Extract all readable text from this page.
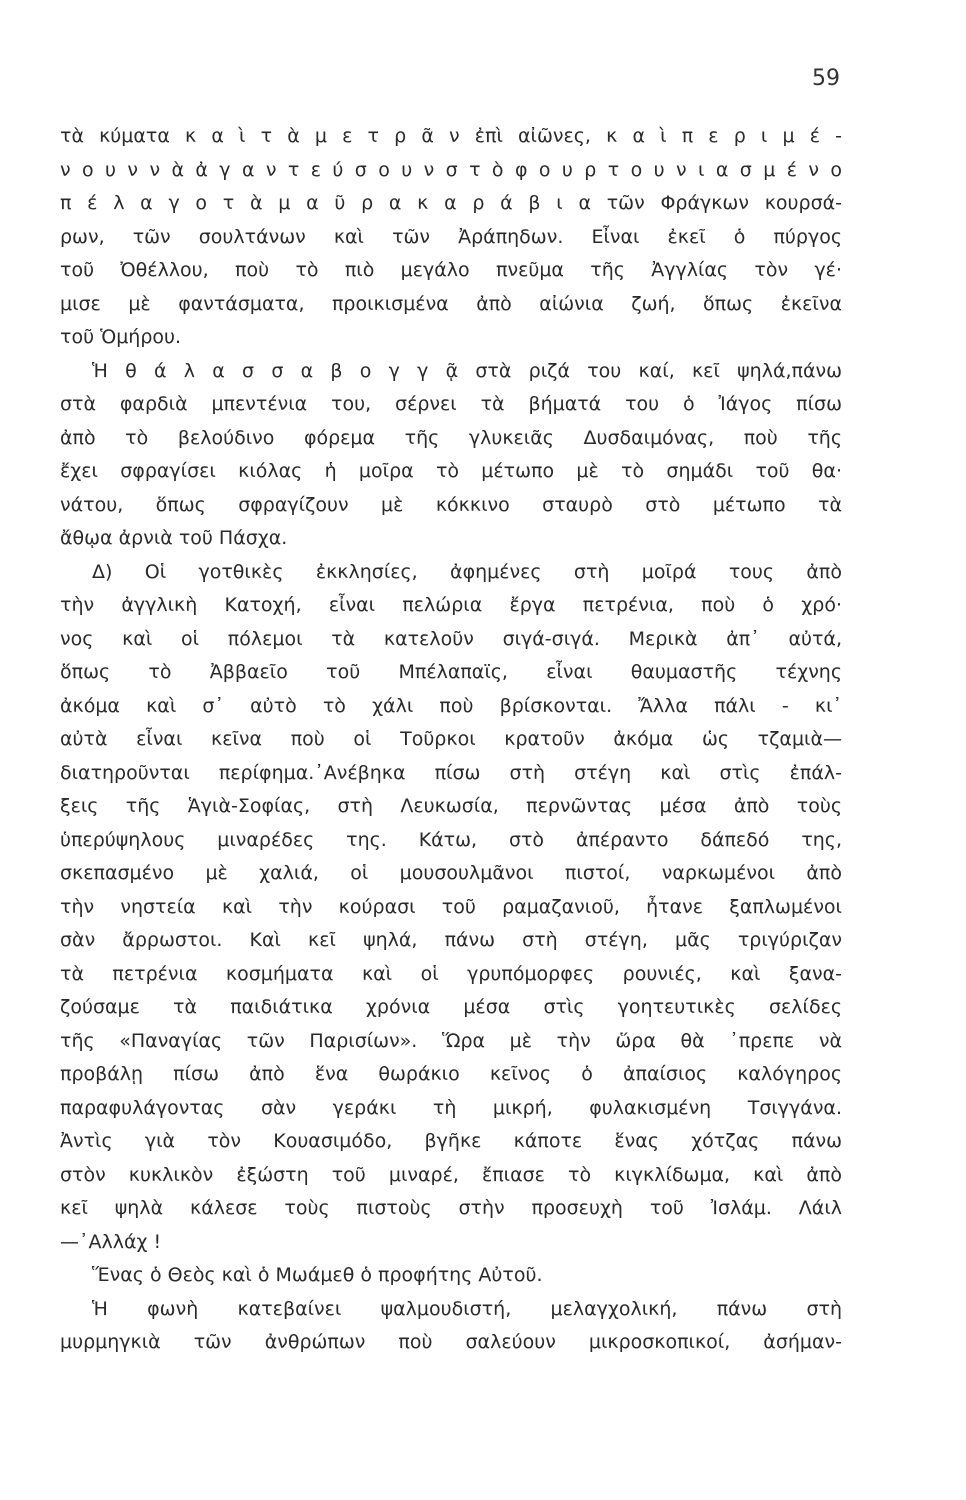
59
τὰ κύματα κ α ὶ τ ὰ μ ε τ ρ ᾶ ν ἐπὶ αἰῶνες, κ α ὶ π ε ρ ι μ έ -
ν ο υ ν ν ὰ ἀ γ α ν τ ε ύ σ ο υ ν σ τ ὸ φ ο υ ρ τ ο υ ν ι α σ μ έ ν ο
π έ λ α γ ο τ ὰ μ α ῦ ρ α κ α ρ ά β ι α τῶν Φράγκων κουρσά-
ρων, τῶν σουλτάνων καὶ τῶν Ἀράπηδων. Εἶναι ἐκεῖ ὁ πύργος
τοῦ Ὀθέλλου, ποὺ τὸ πιὸ μεγάλο πνεῦμα τῆς Ἀγγλίας τὸν γέ·
μισε μὲ φαντάσματα, προικισμένα ἀπὸ αἰώνια ζωή, ὅπως ἐκεῖνα
τοῦ Ὁμήρου.
Ἡ θ ά λ α σ σ α β ο γ γ ᾷ στὰ ριζά του καί, κεῖ ψηλά,πάνω
στὰ φαρδιὰ μπεντένια του, σέρνει τὰ βήματά του ὁ Ἰάγος πίσω
ἀπὸ τὸ βελούδινο φόρεμα τῆς γλυκειᾶς Δυσδαιμόνας, ποὺ τῆς
ἔχει σφραγίσει κιόλας ἡ μοῖρα τὸ μέτωπο μὲ τὸ σημάδι τοῦ θα·
νάτου, ὅπως σφραγίζουν μὲ κόκκινο σταυρὸ στὸ μέτωπο τὰ
ἄθῳα ἀρνιὰ τοῦ Πάσχα.
Δ) Οἱ γοτθικὲς ἐκκλησίες, ἀφημένες στὴ μοῖρά τους ἀπὸ
τὴν ἀγγλικὴ Κατοχή, εἶναι πελώρια ἔργα πετρένια, ποὺ ὁ χρό·
νος καὶ οἱ πόλεμοι τὰ κατελοῦν σιγά-σιγά. Μερικὰ ἀπ᾿ αὐτά,
ὅπως τὸ Ἀββαεῖο τοῦ Μπέλαπαϊς, εἶναι θαυμαστῆς τέχνης
ἀκόμα καὶ σ᾿ αὐτὸ τὸ χάλι ποὺ βρίσκονται. Ἄλλα πάλι - κι᾿
αὐτὰ εἶναι κεῖνα ποὺ οἱ Τοῦρκοι κρατοῦν ἀκόμα ὡς τζαμιὰ—
διατηροῦνται περίφημα.᾿Ανέβηκα πίσω στὴ στέγη καὶ στὶς ἐπάλ-
ξεις τῆς Ἁγιὰ-Σοφίας, στὴ Λευκωσία, περνῶντας μέσα ἀπὸ τοὺς
ὑπερύψηλους μιναρέδες της. Κάτω, στὸ ἀπέραντο δάπεδό της,
σκεπασμένο μὲ χαλιά, οἱ μουσουλμᾶνοι πιστοί, ναρκωμένοι ἀπὸ
τὴν νηστεία καὶ τὴν κούρασι τοῦ ραμαζανιοῦ, ἦτανε ξαπλωμένοι
σὰν ἄρρωστοι. Καὶ κεῖ ψηλά, πάνω στὴ στέγη, μᾶς τριγύριζαν
τὰ πετρένια κοσμήματα καὶ οἱ γρυπόμορφες ρουνιές, καὶ ξανα-
ζούσαμε τὰ παιδιάτικα χρόνια μέσα στὶς γοητευτικὲς σελίδες
τῆς «Παναγίας τῶν Παρισίων». Ὥρα μὲ τὴν ὥρα θὰ ᾿πρεπε νὰ
προβάλῃ πίσω ἀπὸ ἕνα θωράκιο κεῖνος ὁ ἀπαίσιος καλόγηρος
παραφυλάγοντας σὰν γεράκι τὴ μικρή, φυλακισμένη Τσιγγάνα.
Ἀντὶς γιὰ τὸν Κουασιμόδο, βγῆκε κάποτε ἕνας χότζας πάνω
στὸν κυκλικὸν ἐξώστη τοῦ μιναρέ, ἔπιασε τὸ κιγκλίδωμα, καὶ ἀπὸ
κεῖ ψηλὰ κάλεσε τοὺς πιστοὺς στὴν προσευχὴ τοῦ Ἰσλάμ. Λάιλ
—᾿Αλλάχ !
Ἕνας ὁ Θεὸς καὶ ὁ Μωάμεθ ὁ προφήτης Αὐτοῦ.
Ἡ φωνὴ κατεβαίνει ψαλμουδιστή, μελαγχολική, πάνω στὴ
μυρμηγκιὰ τῶν ἀνθρώπων ποὺ σαλεύουν μικροσκοπικοί, ἀσήμαν-
